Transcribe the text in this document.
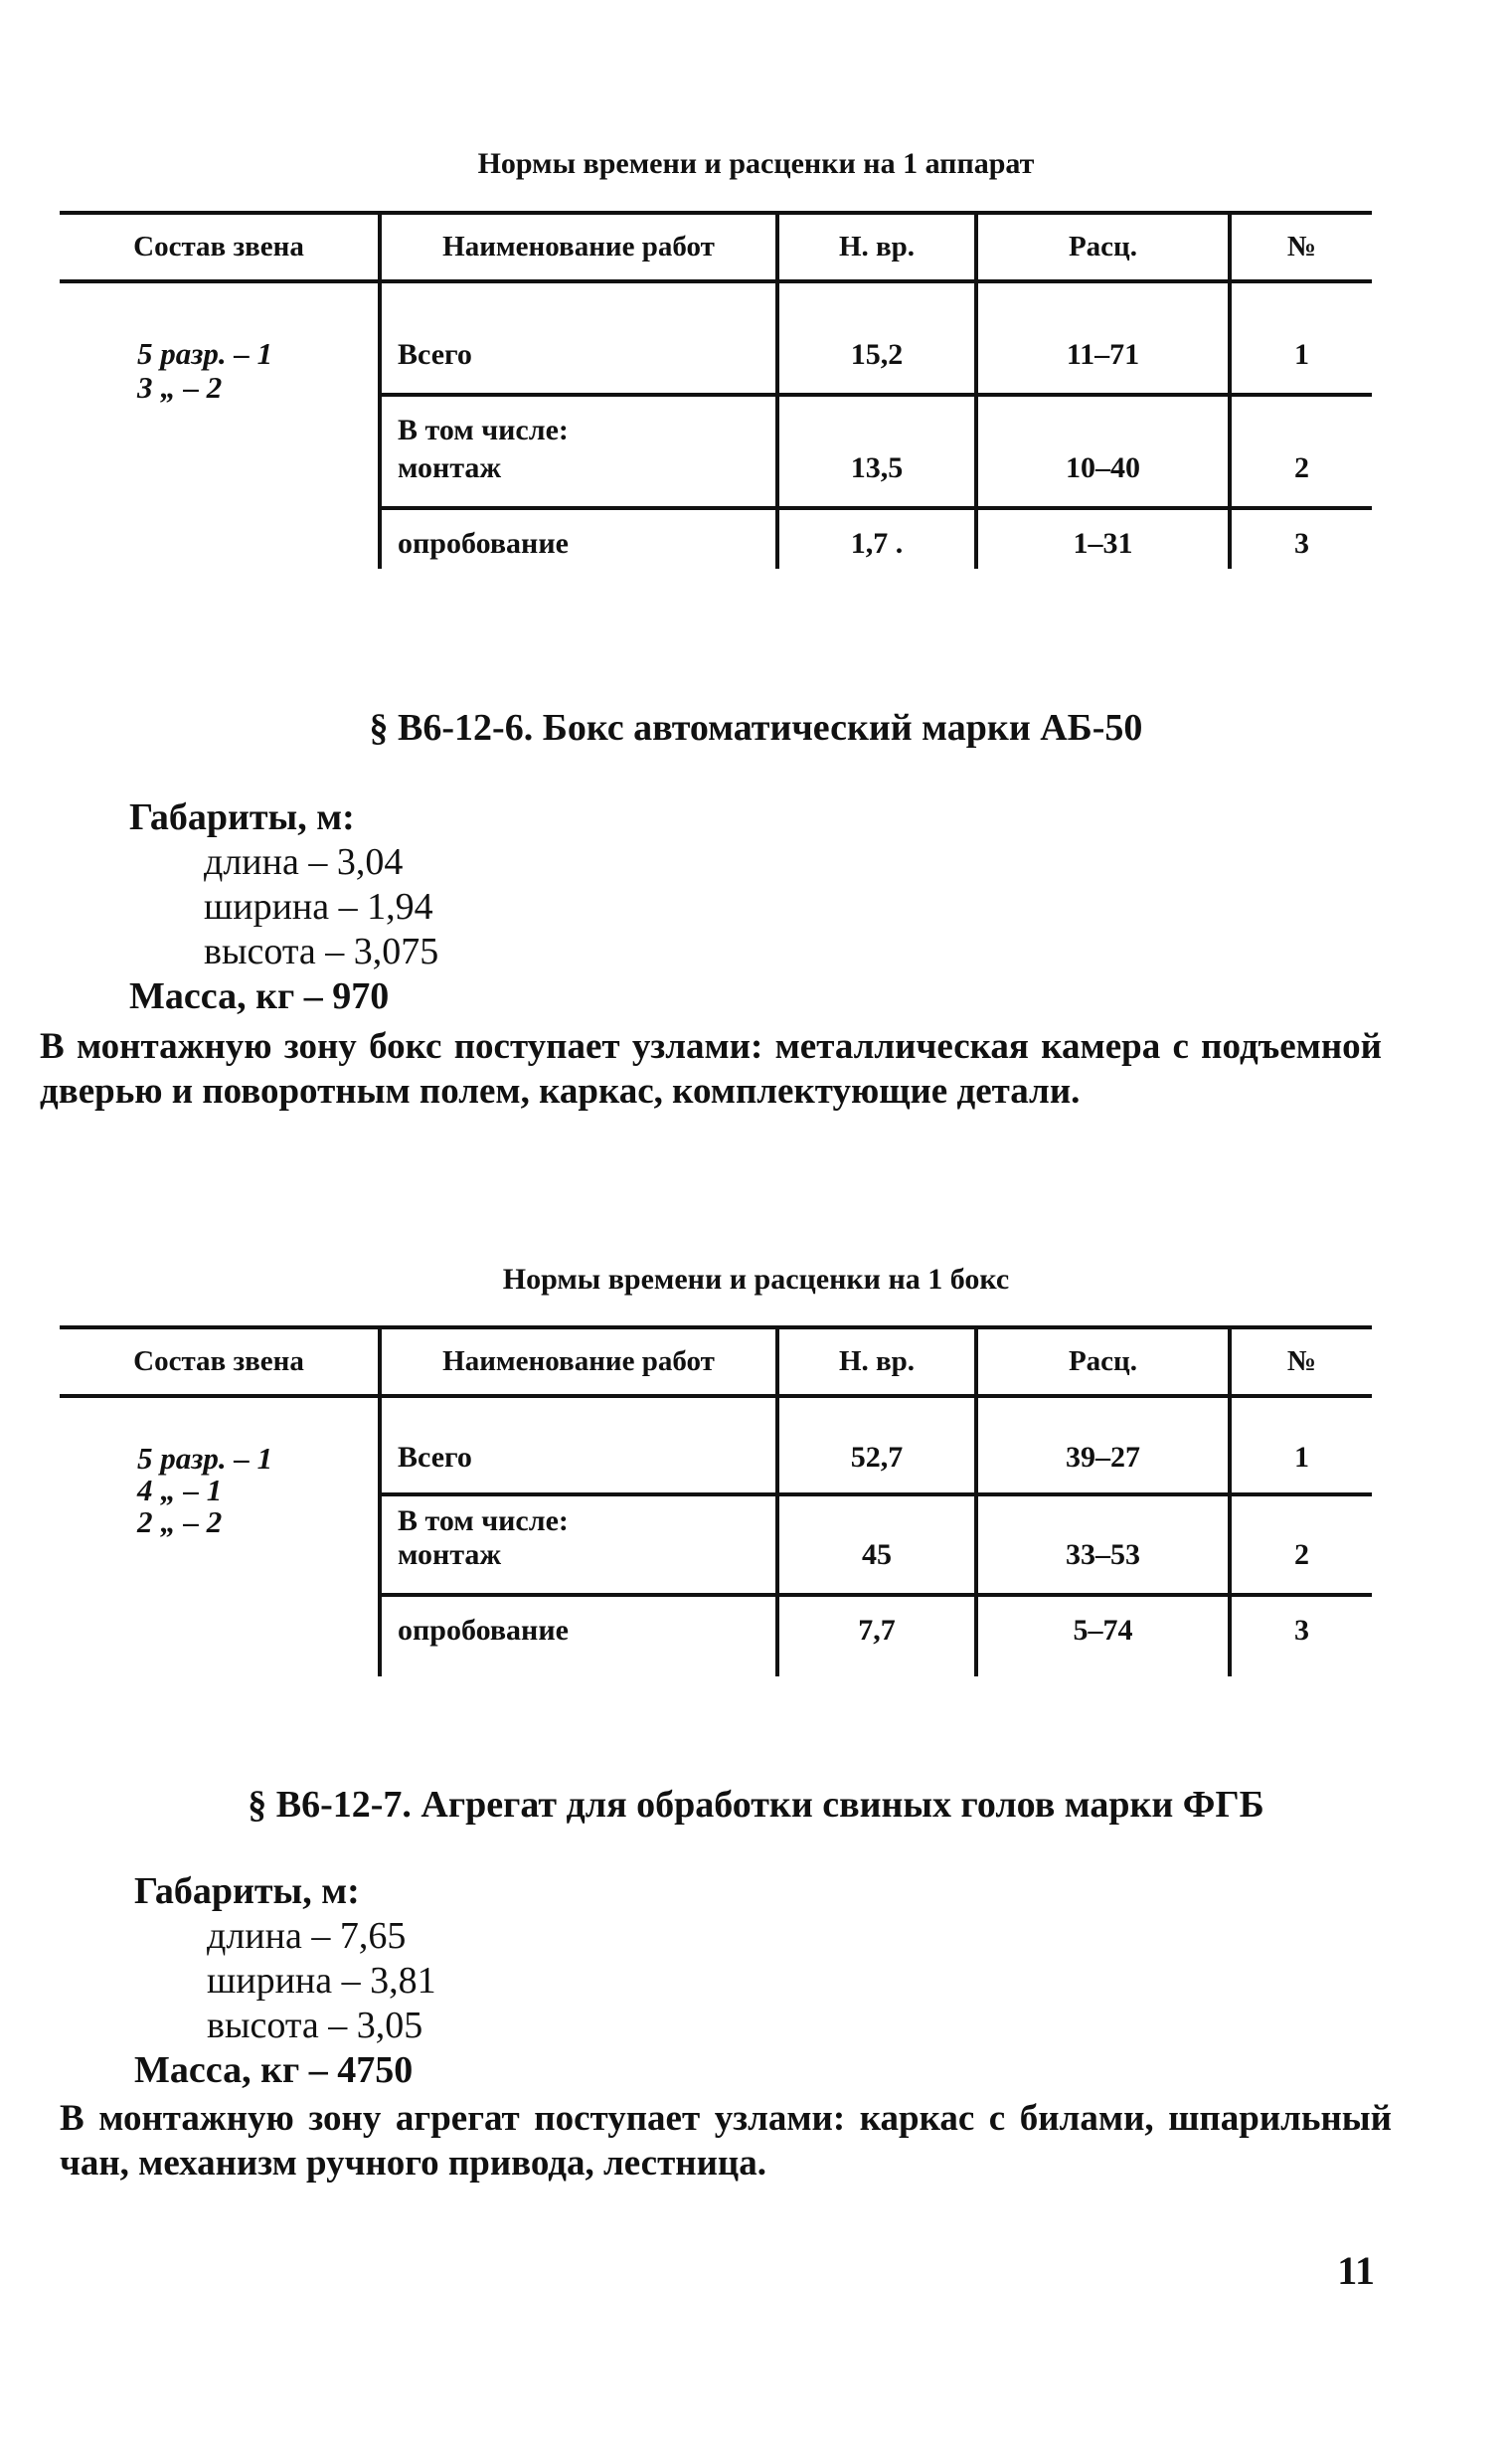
Нормы времени и расценки на 1 аппарат
Состав звена	Наименование работ	Н. вр.	Расц.	№
5 разр. – 1
3 „ – 2
Всего	15,2	11–71	1
В том числе:
монтаж	13,5	10–40	2
опробование	1,7 .	1–31	3
§ В6-12-6. Бокс автоматический марки АБ-50
Габариты, м:
длина – 3,04
ширина – 1,94
высота – 3,075
Масса, кг – 970
В монтажную зону бокс поступает узлами: металлическая камера с подъемной дверью и поворотным полем, каркас, комплектующие детали.
Нормы времени и расценки на 1 бокс
Состав звена	Наименование работ	Н. вр.	Расц.	№
5 разр. – 1
4 „ – 1
2 „ – 2
Всего	52,7	39–27	1
В том числе:
монтаж	45	33–53	2
опробование	7,7	5–74	3
§ В6-12-7. Агрегат для обработки свиных голов марки ФГБ
Габариты, м:
длина – 7,65
ширина – 3,81
высота – 3,05
Масса, кг – 4750
В монтажную зону агрегат поступает узлами: каркас с билами, шпарильный чан, механизм ручного привода, лестница.
11
